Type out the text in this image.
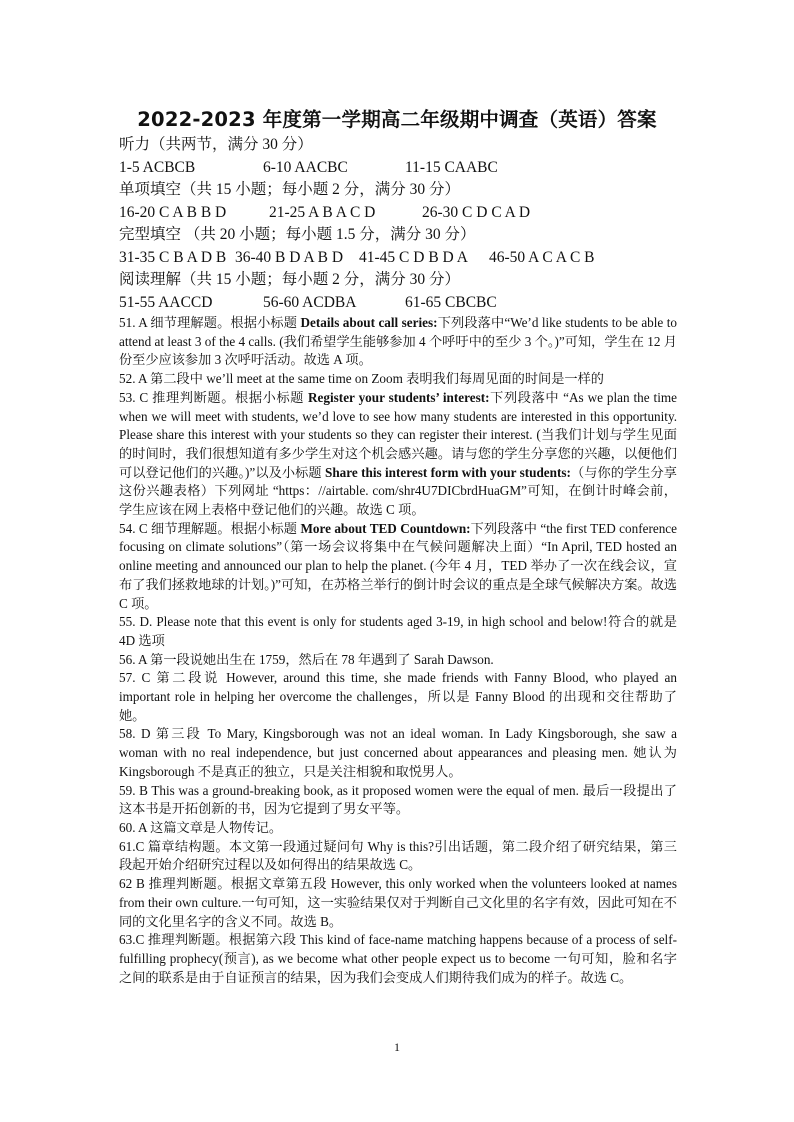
2022-2023 年度第一学期高二年级期中调查（英语）答案

听力（共两节，满分 30 分）

1-5 ACBCB	6-10 AACBC	11-15 CAABC

单项填空（共 15 小题；每小题 2 分，满分 30 分）

16-20 C A B B D	21-25 A B A C D	26-30 C D C A D

完型填空 （共 20 小题；每小题 1.5 分，满分 30 分）

31-35 C B A D B 36-40 B D A B D	41-45 C D B D A	46-50 A C A C B

阅读理解（共 15 小题；每小题 2 分，满分 30 分）

51-55 AACCD	56-60 ACDBA	61-65 CBCBC

51. A 细节理解题。根据小标题 Details about call series:下列段落中“We’d like students to be able to attend at least 3 of the 4 calls. (我们希望学生能够参加 4 个呼吁中的至少 3 个。)”可知，学生在 12 月份至少应该参加 3 次呼吁活动。故选 A 项。

52. A 第二段中 we’ll meet at the same time on Zoom 表明我们每周见面的时间是一样的

53. C 推理判断题。根据小标题 Register your students’ interest:下列段落中 “As we plan the time when we will meet with students, we’d love to see how many students are interested in this opportunity. Please share this interest with your students so they can register their interest. (当我们计划与学生见面的时间时，我们很想知道有多少学生对这个机会感兴趣。请与您的学生分享您的兴趣，以便他们可以登记他们的兴趣。)”以及小标题 Share this interest form with your students:（与你的学生分享这份兴趣表格）下列网址 “https：//airtable. com/shr4U7DICbrdHuaGM”可知，在倒计时峰会前，学生应该在网上表格中登记他们的兴趣。故选 C 项。

54. C 细节理解题。根据小标题 More about TED Countdown:下列段落中 “the first TED conference focusing on climate solutions”（第一场会议将集中在气候问题解决上面）“In April, TED hosted an online meeting and announced our plan to help the planet. (今年 4 月，TED 举办了一次在线会议，宣布了我们拯救地球的计划。)”可知，在苏格兰举行的倒计时会议的重点是全球气候解决方案。故选 C 项。

55. D. Please note that this event is only for students aged 3-19, in high school and below!符合的就是 4D 选项

56. A 第一段说她出生在 1759，然后在 78 年遇到了 Sarah Dawson.

57. C 第二段说 However, around this time, she made friends with Fanny Blood, who played an important role in helping her overcome the challenges，所以是 Fanny Blood 的出现和交往帮助了她。

58. D 第三段 To Mary, Kingsborough was not an ideal woman. In Lady Kingsborough, she saw a woman with no real independence, but just concerned about appearances and pleasing men. 她认为 Kingsborough 不是真正的独立，只是关注相貌和取悦男人。

59. B This was a ground-breaking book, as it proposed women were the equal of men. 最后一段提出了这本书是开拓创新的书，因为它提到了男女平等。

60. A 这篇文章是人物传记。

61.C 篇章结构题。本文第一段通过疑问句 Why is this?引出话题，第二段介绍了研究结果，第三段起开始介绍研究过程以及如何得出的结果故选 C。

62 B 推理判断题。根据文章第五段 However, this only worked when the volunteers looked at names from their own culture.一句可知，这一实验结果仅对于判断自己文化里的名字有效，因此可知在不同的文化里名字的含义不同。故选 B。

63.C 推理判断题。根据第六段 This kind of face-name matching happens because of a process of self-fulfilling prophecy(预言), as we become what other people expect us to become 一句可知，脸和名字之间的联系是由于自证预言的结果，因为我们会变成人们期待我们成为的样子。故选 C。

1
